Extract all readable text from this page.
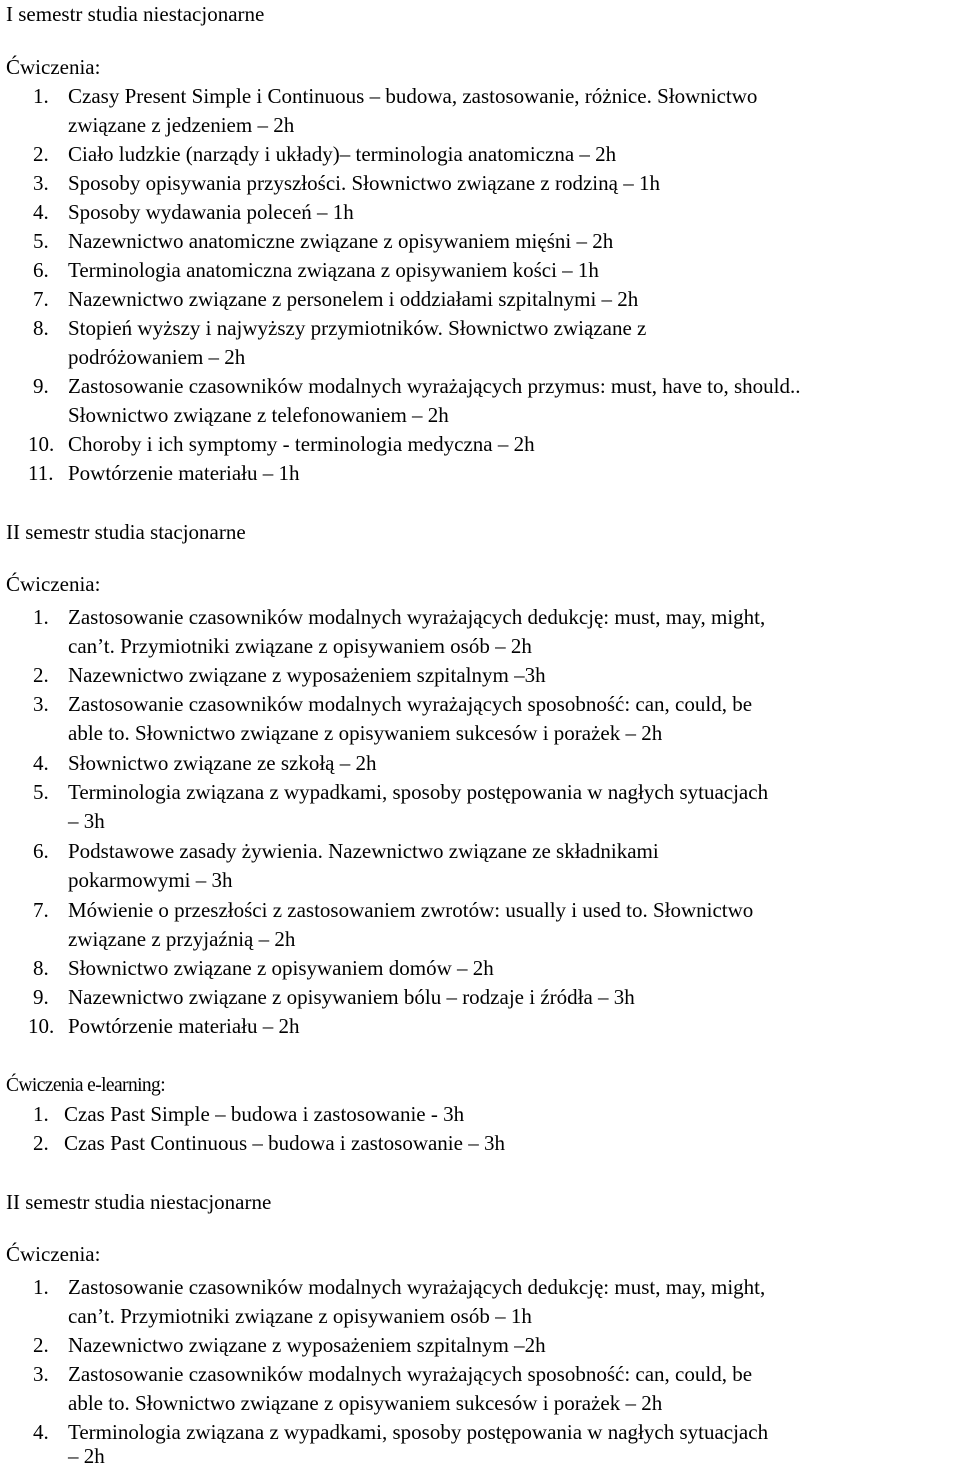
I semestr studia niestacjonarne
Ćwiczenia:
1. Czasy Present Simple i Continuous – budowa, zastosowanie, różnice. Słownictwo
związane z jedzeniem – 2h
2. Ciało ludzkie (narządy i układy)– terminologia anatomiczna – 2h
3. Sposoby opisywania przyszłości. Słownictwo związane z rodziną – 1h
4. Sposoby wydawania poleceń – 1h
5. Nazewnictwo anatomiczne związane z opisywaniem mięśni – 2h
6. Terminologia anatomiczna związana z opisywaniem kości – 1h
7. Nazewnictwo związane z personelem i oddziałami szpitalnymi – 2h
8. Stopień wyższy i najwyższy przymiotników. Słownictwo związane z
podróżowaniem – 2h
9. Zastosowanie czasowników modalnych wyrażających przymus: must, have to, should..
Słownictwo związane z telefonowaniem – 2h
10. Choroby i ich symptomy - terminologia medyczna – 2h
11. Powtórzenie materiału – 1h
II semestr studia stacjonarne
Ćwiczenia:
1. Zastosowanie czasowników modalnych wyrażających dedukcję: must, may, might,
can’t. Przymiotniki związane z opisywaniem osób – 2h
2. Nazewnictwo związane z wyposażeniem szpitalnym –3h
3. Zastosowanie czasowników modalnych wyrażających sposobność: can, could, be
able to. Słownictwo związane z opisywaniem sukcesów i porażek – 2h
4. Słownictwo związane ze szkołą – 2h
5. Terminologia związana z wypadkami, sposoby postępowania w nagłych sytuacjach
– 3h
6. Podstawowe zasady żywienia. Nazewnictwo związane ze składnikami
pokarmowymi – 3h
7. Mówienie o przeszłości z zastosowaniem zwrotów: usually i used to. Słownictwo
związane z przyjaźnią – 2h
8. Słownictwo związane z opisywaniem domów – 2h
9. Nazewnictwo związane z opisywaniem bólu – rodzaje i źródła – 3h
10. Powtórzenie materiału – 2h
Ćwiczenia e-learning:
1. Czas Past Simple – budowa i zastosowanie - 3h
2. Czas Past Continuous – budowa i zastosowanie – 3h
II semestr studia niestacjonarne
Ćwiczenia:
1. Zastosowanie czasowników modalnych wyrażających dedukcję: must, may, might,
can’t. Przymiotniki związane z opisywaniem osób – 1h
2. Nazewnictwo związane z wyposażeniem szpitalnym –2h
3. Zastosowanie czasowników modalnych wyrażających sposobność: can, could, be
able to. Słownictwo związane z opisywaniem sukcesów i porażek – 2h
4. Terminologia związana z wypadkami, sposoby postępowania w nagłych sytuacjach
– 2h
